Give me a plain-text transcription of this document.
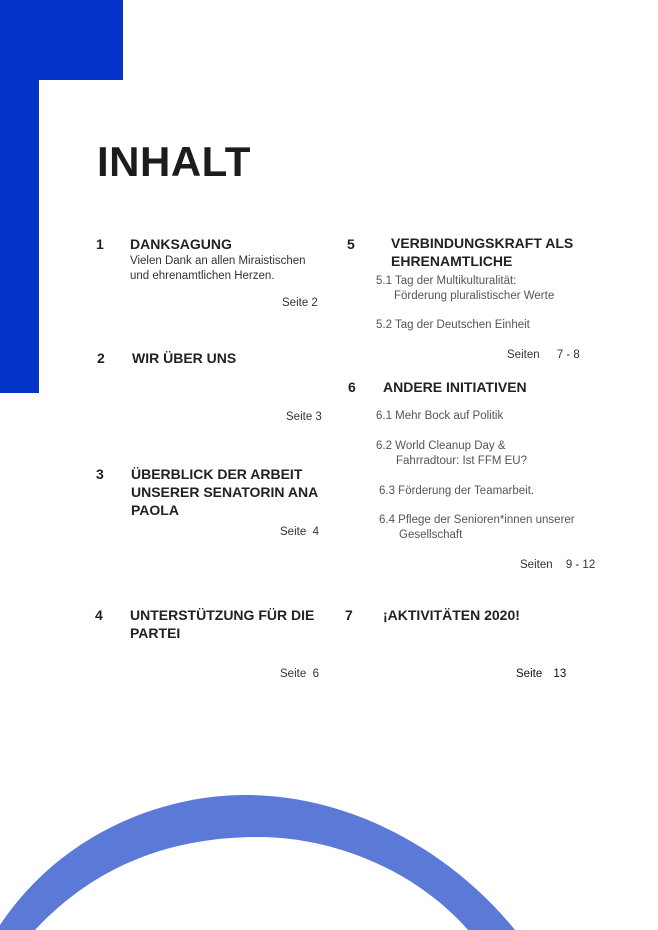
INHALT
1 DANKSAGUNG
Vielen Dank an allen Miraistischen
und ehrenamtlichen Herzen.
Seite 2
2 WIR ÜBER UNS
Seite 3
3 ÜBERBLICK DER ARBEIT
UNSERER SENATORIN ANA
PAOLA
Seite  4
4 UNTERSTÜTZUNG FÜR DIE
PARTEI
Seite  6
5	VERBINDUNGSKRAFT ALS
EHRENAMTLICHE
5.1 Tag der Multikulturalität:
Förderung pluralistischer Werte
5.2 Tag der Deutschen Einheit
Seiten 7 - 8
6 ANDERE INITIATIVEN
6.1 Mehr Bock auf Politik
6.2 World Cleanup Day &
Fahrradtour: Ist FFM EU?
6.3 Förderung der Teamarbeit.
6.4 Pflege der Senioren*innen unserer
Gesellschaft
Seiten 9 - 12
7 ¡AKTIVITÄTEN 2020!
Seite 13
